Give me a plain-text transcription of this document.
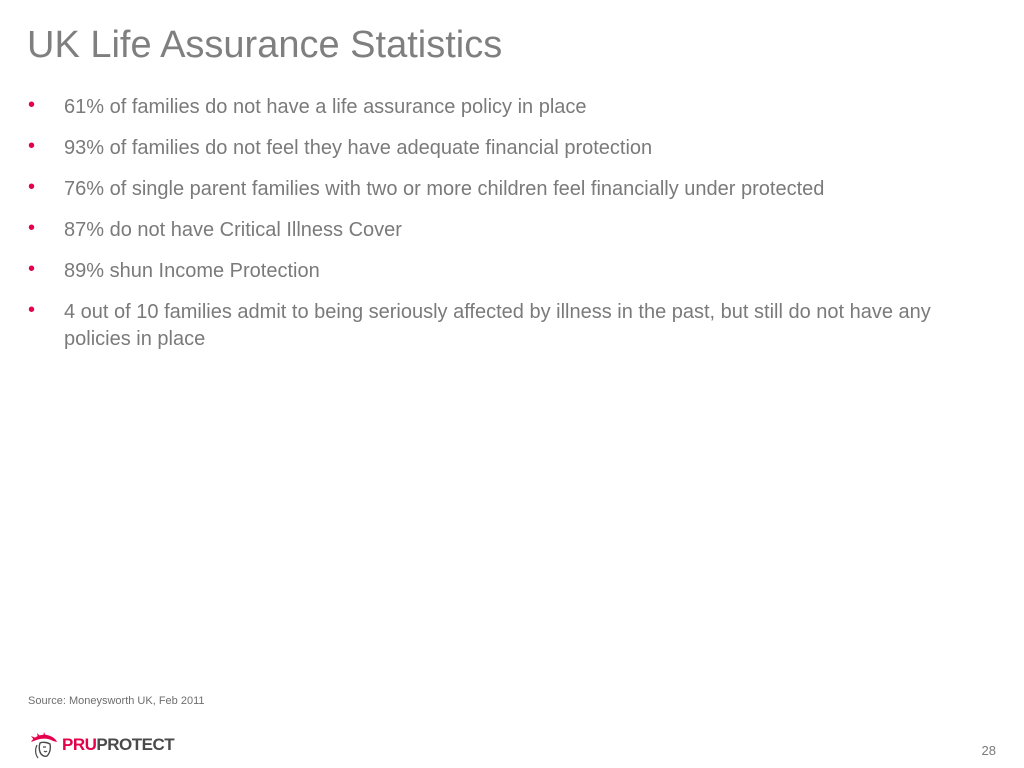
UK Life Assurance Statistics
•	61% of families do not have a life assurance policy in place
•	93% of families do not feel they have adequate financial protection
•	76% of single parent families with two or more children feel financially under protected
•	87% do not have Critical Illness Cover
•	89% shun Income Protection
•	4 out of 10 families admit to being seriously affected by illness in the past, but still do not have any policies in place
Source: Moneysworth UK, Feb 2011
PRUPROTECT	28
